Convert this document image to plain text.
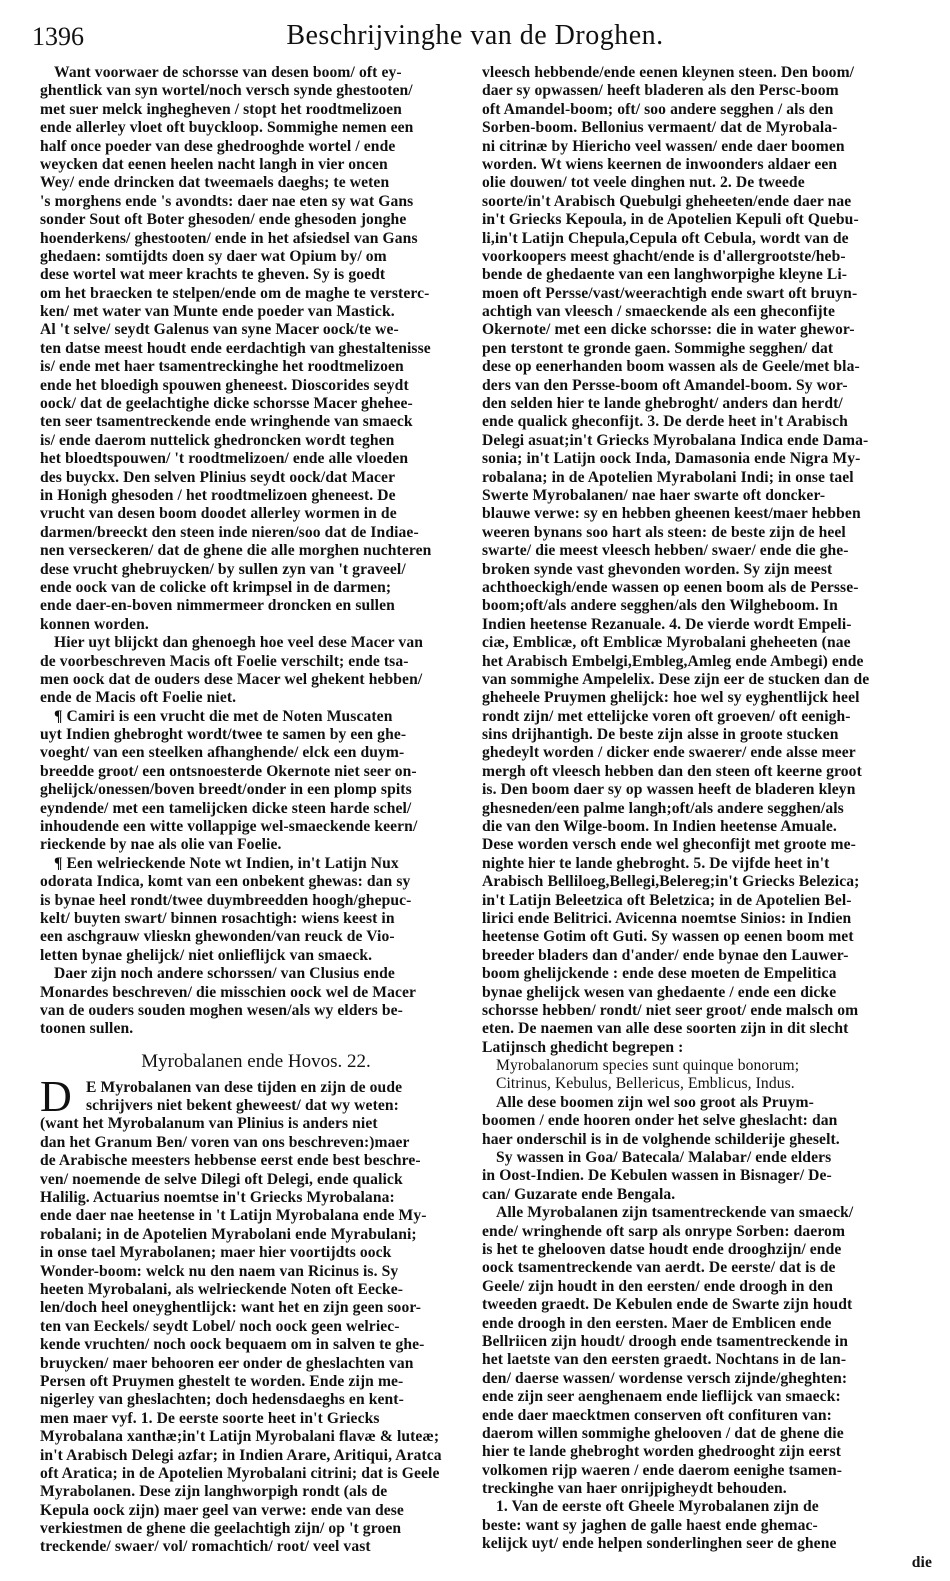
1396	Beschrijvinghe van de Droghen.
Want voorwaer de schorsse van desen boom/ oft ey-
ghentlick van syn wortel/noch versch synde ghestooten/
met suer melck inghegheven / stopt het roodtmelizoen
ende allerley vloet oft buyckloop. Sommighe nemen een
half once poeder van dese ghedrooghde wortel / ende
weycken dat eenen heelen nacht langh in vier oncen
Wey/ ende drincken dat tweemaels daeghs; te weten
's morghens ende 's avondts: daer nae eten sy wat Gans
sonder Sout oft Boter ghesoden/ ende ghesoden jonghe
hoenderkens/ ghestooten/ ende in het afsiedsel van Gans
ghedaen: somtijdts doen sy daer wat Opium by/ om
dese wortel wat meer krachts te gheven. Sy is goedt
om het braecken te stelpen/ende om de maghe te versterc-
ken/ met water van Munte ende poeder van Mastick.
Al 't selve/ seydt Galenus van syne Macer oock/te we-
ten datse meest houdt ende eerdachtigh van ghestaltenisse
is/ ende met haer tsamentreckinghe het roodtmelizoen
ende het bloedigh spouwen gheneest. Dioscorides seydt
oock/ dat de geelachtighe dicke schorsse Macer ghehee-
ten seer tsamentreckende ende wringhende van smaeck
is/ ende daerom nuttelick ghedroncken wordt teghen
het bloedtspouwen/ 't roodtmelizoen/ ende alle vloeden
des buyckx. Den selven Plinius seydt oock/dat Macer
in Honigh ghesoden / het roodtmelizoen gheneest. De
vrucht van desen boom doodet allerley wormen in de
darmen/breeckt den steen inde nieren/soo dat de Indiae-
nen verseckeren/ dat de ghene die alle morghen nuchteren
dese vrucht ghebruycken/ by sullen zyn van 't graveel/
ende oock van de colicke oft krimpsel in de darmen;
ende daer-en-boven nimmermeer droncken en sullen
konnen worden.
Hier uyt blijckt dan ghenoegh hoe veel dese Macer van
de voorbeschreven Macis oft Foelie verschilt; ende tsa-
men oock dat de ouders dese Macer wel ghekent hebben/
ende de Macis oft Foelie niet.
¶ Camiri is een vrucht die met de Noten Muscaten
uyt Indien ghebroght wordt/twee te samen by een ghe-
voeght/ van een steelken afhanghende/ elck een duym-
breedde groot/ een ontsnoesterde Okernote niet seer on-
ghelijck/onessen/boven breedt/onder in een plomp spits
eyndende/ met een tamelijcken dicke steen harde schel/
inhoudende een witte vollappige wel-smaeckende keern/
rieckende by nae als olie van Foelie.
¶ Een welrieckende Note wt Indien, in't Latijn Nux
odorata Indica, komt van een onbekent ghewas: dan sy
is bynae heel rondt/twee duymbreedden hoogh/ghepuc-
kelt/ buyten swart/ binnen rosachtigh: wiens keest in
een aschgrauw vlieskn ghewonden/van reuck de Vio-
letten bynae ghelijck/ niet onlieflijck van smaeck.
Daer zijn noch andere schorssen/ van Clusius ende
Monardes beschreven/ die misschien oock wel de Macer
van de ouders souden moghen wesen/als wy elders be-
toonen sullen.
Myrobalanen ende Hovos. 22.
D E Myrobalanen van dese tijden en zijn de oude
schrijvers niet bekent gheweest/ dat wy weten:
(want het Myrobalanum van Plinius is anders niet
dan het Granum Ben/ voren van ons beschreven:)maer
de Arabische meesters hebbense eerst ende best beschre-
ven/ noemende de selve Dilegi oft Delegi, ende qualick
Halilig. Actuarius noemtse in't Griecks Myrobalana:
ende daer nae heetense in 't Latijn Myrobalana ende My-
robalani; in de Apotelien Myrabolani ende Myrabulani;
in onse tael Myrabolanen; maer hier voortijdts oock
Wonder-boom: welck nu den naem van Ricinus is. Sy
heeten Myrobalani, als welrieckende Noten oft Eecke-
len/doch heel oneyghentlijck: want het en zijn geen soor-
ten van Eeckels/ seydt Lobel/ noch oock geen welriec-
kende vruchten/ noch oock bequaem om in salven te ghe-
bruycken/ maer behooren eer onder de gheslachten van
Persen oft Pruymen ghestelt te worden. Ende zijn me-
nigerley van gheslachten; doch hedensdaeghs en kent-
men maer vyf. 1. De eerste soorte heet in't Griecks
Myrobalana xanthæ;in't Latijn Myrobalani flavæ & luteæ;
in't Arabisch Delegi azfar; in Indien Arare, Aritiqui, Aratca
oft Aratica; in de Apotelien Myrobalani citrini; dat is Geele
Myrabolanen. Dese zijn langhworpigh rondt (als de
Kepula oock zijn) maer geel van verwe: ende van dese
verkiestmen de ghene die geelachtigh zijn/ op 't groen
treckende/ swaer/ vol/ romachtich/ root/ veel vast
vleesch hebbende/ende eenen kleynen steen. Den boom/
daer sy opwassen/ heeft bladeren als den Persc-boom
oft Amandel-boom; oft/ soo andere segghen / als den
Sorben-boom. Bellonius vermaent/ dat de Myrobala-
ni citrinæ by Hiericho veel wassen/ ende daer boomen
worden. Wt wiens keernen de inwoonders aldaer een
olie douwen/ tot veele dinghen nut. 2. De tweede
soorte/in't Arabisch Quebulgi gheheeten/ende daer nae
in't Griecks Kepoula, in de Apotelien Kepuli oft Quebu-
li,in't Latijn Chepula,Cepula oft Cebula, wordt van de
voorkoopers meest ghacht/ende is d'allergrootste/heb-
bende de ghedaente van een langhworpighe kleyne Li-
moen oft Persse/vast/weerachtigh ende swart oft bruyn-
achtigh van vleesch / smaeckende als een gheconfijte
Okernote/ met een dicke schorsse: die in water ghewor-
pen terstont te gronde gaen. Sommighe segghen/ dat
dese op eenerhanden boom wassen als de Geele/met bla-
ders van den Persse-boom oft Amandel-boom. Sy wor-
den selden hier te lande ghebroght/ anders dan herdt/
ende qualick gheconfijt. 3. De derde heet in't Arabisch
Delegi asuat;in't Griecks Myrobalana Indica ende Dama-
sonia; in't Latijn oock Inda, Damasonia ende Nigra My-
robalana; in de Apotelien Myrabolani Indi; in onse tael
Swerte Myrobalanen/ nae haer swarte oft doncker-
blauwe verwe: sy en hebben gheenen keest/maer hebben
weeren bynans soo hart als steen: de beste zijn de heel
swarte/ die meest vleesch hebben/ swaer/ ende die ghe-
broken synde vast ghevonden worden. Sy zijn meest
achthoeckigh/ende wassen op eenen boom als de Persse-
boom;oft/als andere segghen/als den Wilgheboom. In
Indien heetense Rezanuale. 4. De vierde wordt Empeli-
ciæ, Emblicæ, oft Emblicæ Myrobalani gheheeten (nae
het Arabisch Embelgi,Embleg,Amleg ende Ambegi) ende
van sommighe Ampelelix. Dese zijn eer de stucken dan de
gheheele Pruymen ghelijck: hoe wel sy eyghentlijck heel
rondt zijn/ met ettelijcke voren oft groeven/ oft eenigh-
sins drijhantigh. De beste zijn alsse in groote stucken
ghedeylt worden / dicker ende swaerer/ ende alsse meer
mergh oft vleesch hebben dan den steen oft keerne groot
is. Den boom daer sy op wassen heeft de bladeren kleyn
ghesneden/een palme langh;oft/als andere segghen/als
die van den Wilge-boom. In Indien heetense Amuale.
Dese worden versch ende wel gheconfijt met groote me-
nighte hier te lande ghebroght. 5. De vijfde heet in't
Arabisch Belliloeg,Bellegi,Belereg;in't Griecks Belezica;
in't Latijn Beleetzica oft Beletzica; in de Apotelien Bel-
lirici ende Belitrici. Avicenna noemtse Sinios: in Indien
heetense Gotim oft Guti. Sy wassen op eenen boom met
breeder bladers dan d'ander/ ende bynae den Lauwer-
boom ghelijckende : ende dese moeten de Empelitica
bynae ghelijck wesen van ghedaente / ende een dicke
schorsse hebben/ rondt/ niet seer groot/ ende malsch om
eten. De naemen van alle dese soorten zijn in dit slecht
Latijnsch ghedicht begrepen :
Myrobalanorum species sunt quinque bonorum;
Citrinus, Kebulus, Bellericus, Emblicus, Indus.
Alle dese boomen zijn wel soo groot als Pruym-
boomen / ende hooren onder het selve gheslacht: dan
haer onderschil is in de volghende schilderije gheselt.
Sy wassen in Goa/ Batecala/ Malabar/ ende elders
in Oost-Indien. De Kebulen wassen in Bisnager/ De-
can/ Guzarate ende Bengala.
Alle Myrobalanen zijn tsamentreckende van smaeck/
ende/ wringhende oft sarp als onrype Sorben: daerom
is het te ghelooven datse houdt ende drooghzijn/ ende
oock tsamentreckende van aerdt. De eerste/ dat is de
Geele/ zijn houdt in den eersten/ ende droogh in den
tweeden graedt. De Kebulen ende de Swarte zijn houdt
ende droogh in den eersten. Maer de Emblicen ende
Bellriicen zijn houdt/ droogh ende tsamentreckende in
het laetste van den eersten graedt. Nochtans in de lan-
den/ daerse wassen/ wordense versch zijnde/gheghten:
ende zijn seer aenghenaem ende lieflijck van smaeck:
ende daer maecktmen conserven oft confituren van:
daerom willen sommighe ghelooven / dat de ghene die
hier te lande ghebroght worden ghedrooght zijn eerst
volkomen rijp waeren / ende daerom eenighe tsamen-
treckinghe van haer onrijpigheydt behouden.
1. Van de eerste oft Gheele Myrobalanen zijn de
beste: want sy jaghen de galle haest ende ghemac-
kelijck uyt/ ende helpen sonderlinghen seer de ghene
die
